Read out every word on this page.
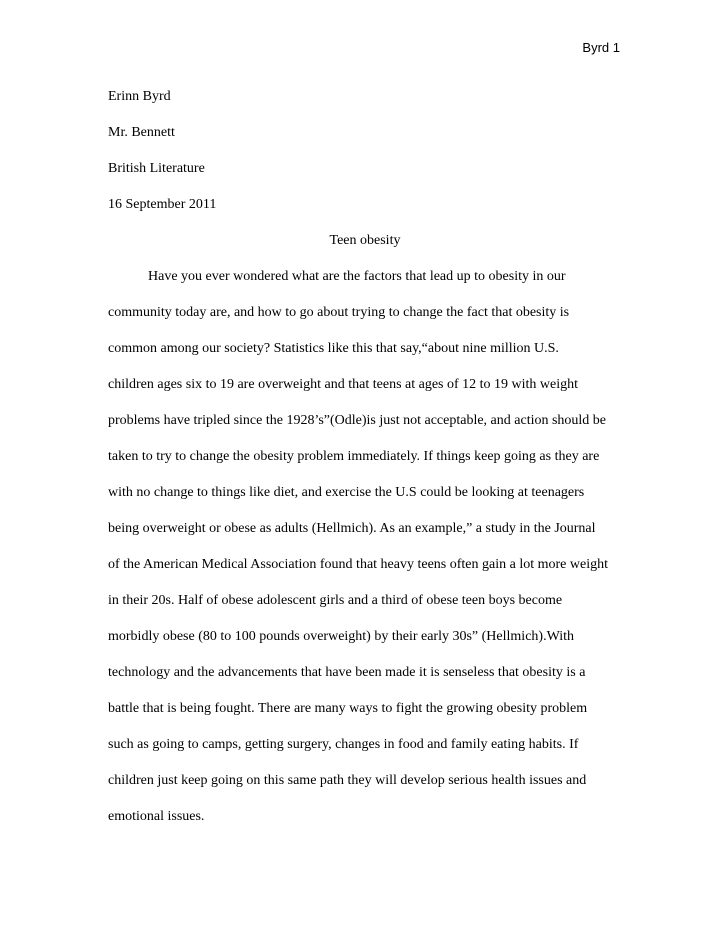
Byrd 1
Erinn Byrd
Mr. Bennett
British Literature
16 September 2011
Teen obesity
Have you ever wondered what are the factors that lead up to obesity in our
community today are, and how to go about trying to change the fact that obesity is
common among our society? Statistics like this that say,“about nine million U.S.
children ages six to 19 are overweight and that teens at ages of 12 to 19 with weight
problems have tripled since the 1928’s”(Odle)is just not acceptable, and action should be
taken to try to change the obesity problem immediately. If things keep going as they are
with no change to things like diet, and exercise the U.S could be looking at teenagers
being overweight or obese as adults (Hellmich). As an example,” a study in the Journal
of the American Medical Association found that heavy teens often gain a lot more weight
in their 20s. Half of obese adolescent girls and a third of obese teen boys become
morbidly obese (80 to 100 pounds overweight) by their early 30s” (Hellmich).With
technology and the advancements that have been made it is senseless that obesity is a
battle that is being fought. There are many ways to fight the growing obesity problem
such as going to camps, getting surgery, changes in food and family eating habits. If
children just keep going on this same path they will develop serious health issues and
emotional issues.
